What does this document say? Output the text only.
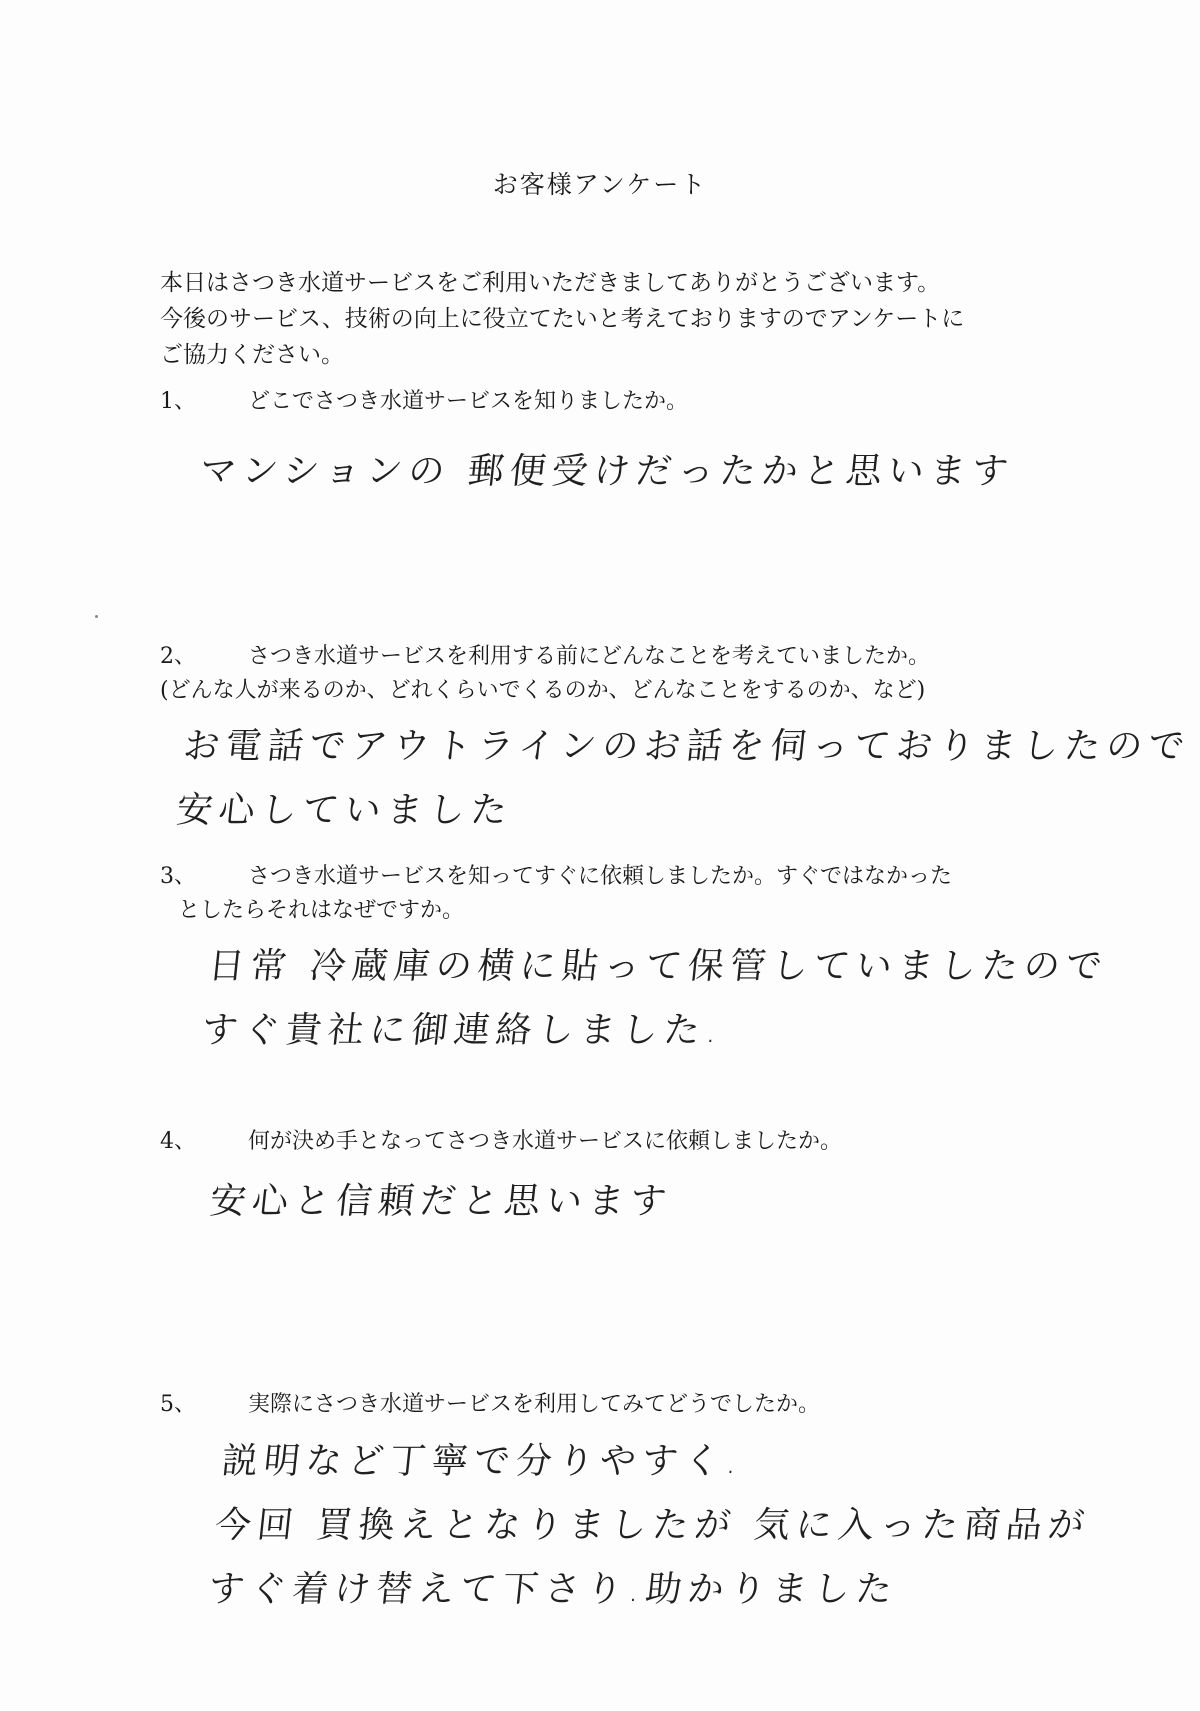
お客様アンケート
本日はさつき水道サービスをご利用いただきましてありがとうございます。
今後のサービス、技術の向上に役立てたいと考えておりますのでアンケートに
ご協力ください。
1、 どこでさつき水道サービスを知りましたか。
マンションの 郵便受けだったかと思います
2、 さつき水道サービスを利用する前にどんなことを考えていましたか。
(どんな人が来るのか、どれくらいでくるのか、どんなことをするのか、など)
お電話でアウトラインのお話を伺っておりましたので
安心していました
3、 さつき水道サービスを知ってすぐに依頼しましたか。すぐではなかった
としたらそれはなぜですか。
日常 冷蔵庫の横に貼って保管していましたので
すぐ貴社に御連絡しました.
4、 何が決め手となってさつき水道サービスに依頼しましたか。
安心と信頼だと思います
5、 実際にさつき水道サービスを利用してみてどうでしたか。
説明など丁寧で分りやすく.
今回 買換えとなりましたが 気に入った商品が
すぐ着け替えて下さり.助かりました
